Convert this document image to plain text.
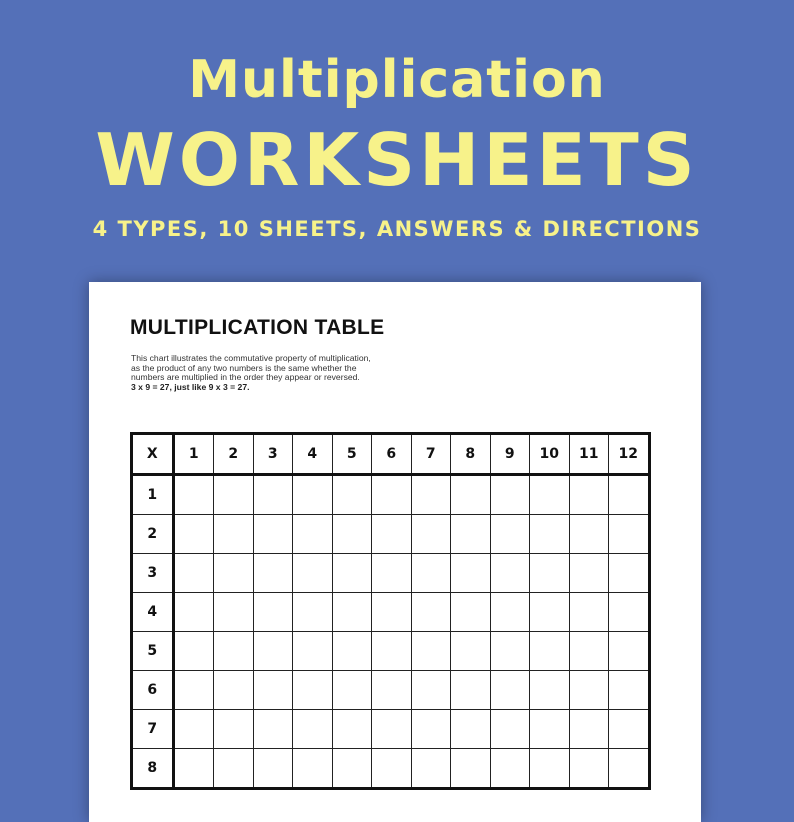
Multiplication
WORKSHEETS
4 TYPES, 10 SHEETS, ANSWERS & DIRECTIONS
MULTIPLICATION TABLE
This chart illustrates the commutative property of multiplication,
as the product of any two numbers is the same whether the
numbers are multiplied in the order they appear or reversed.
3 x 9 = 27, just like 9 x 3 = 27.
X	1	2	3	4	5	6	7	8	9	10	11	12
1												
2												
3												
4												
5												
6												
7												
8												
